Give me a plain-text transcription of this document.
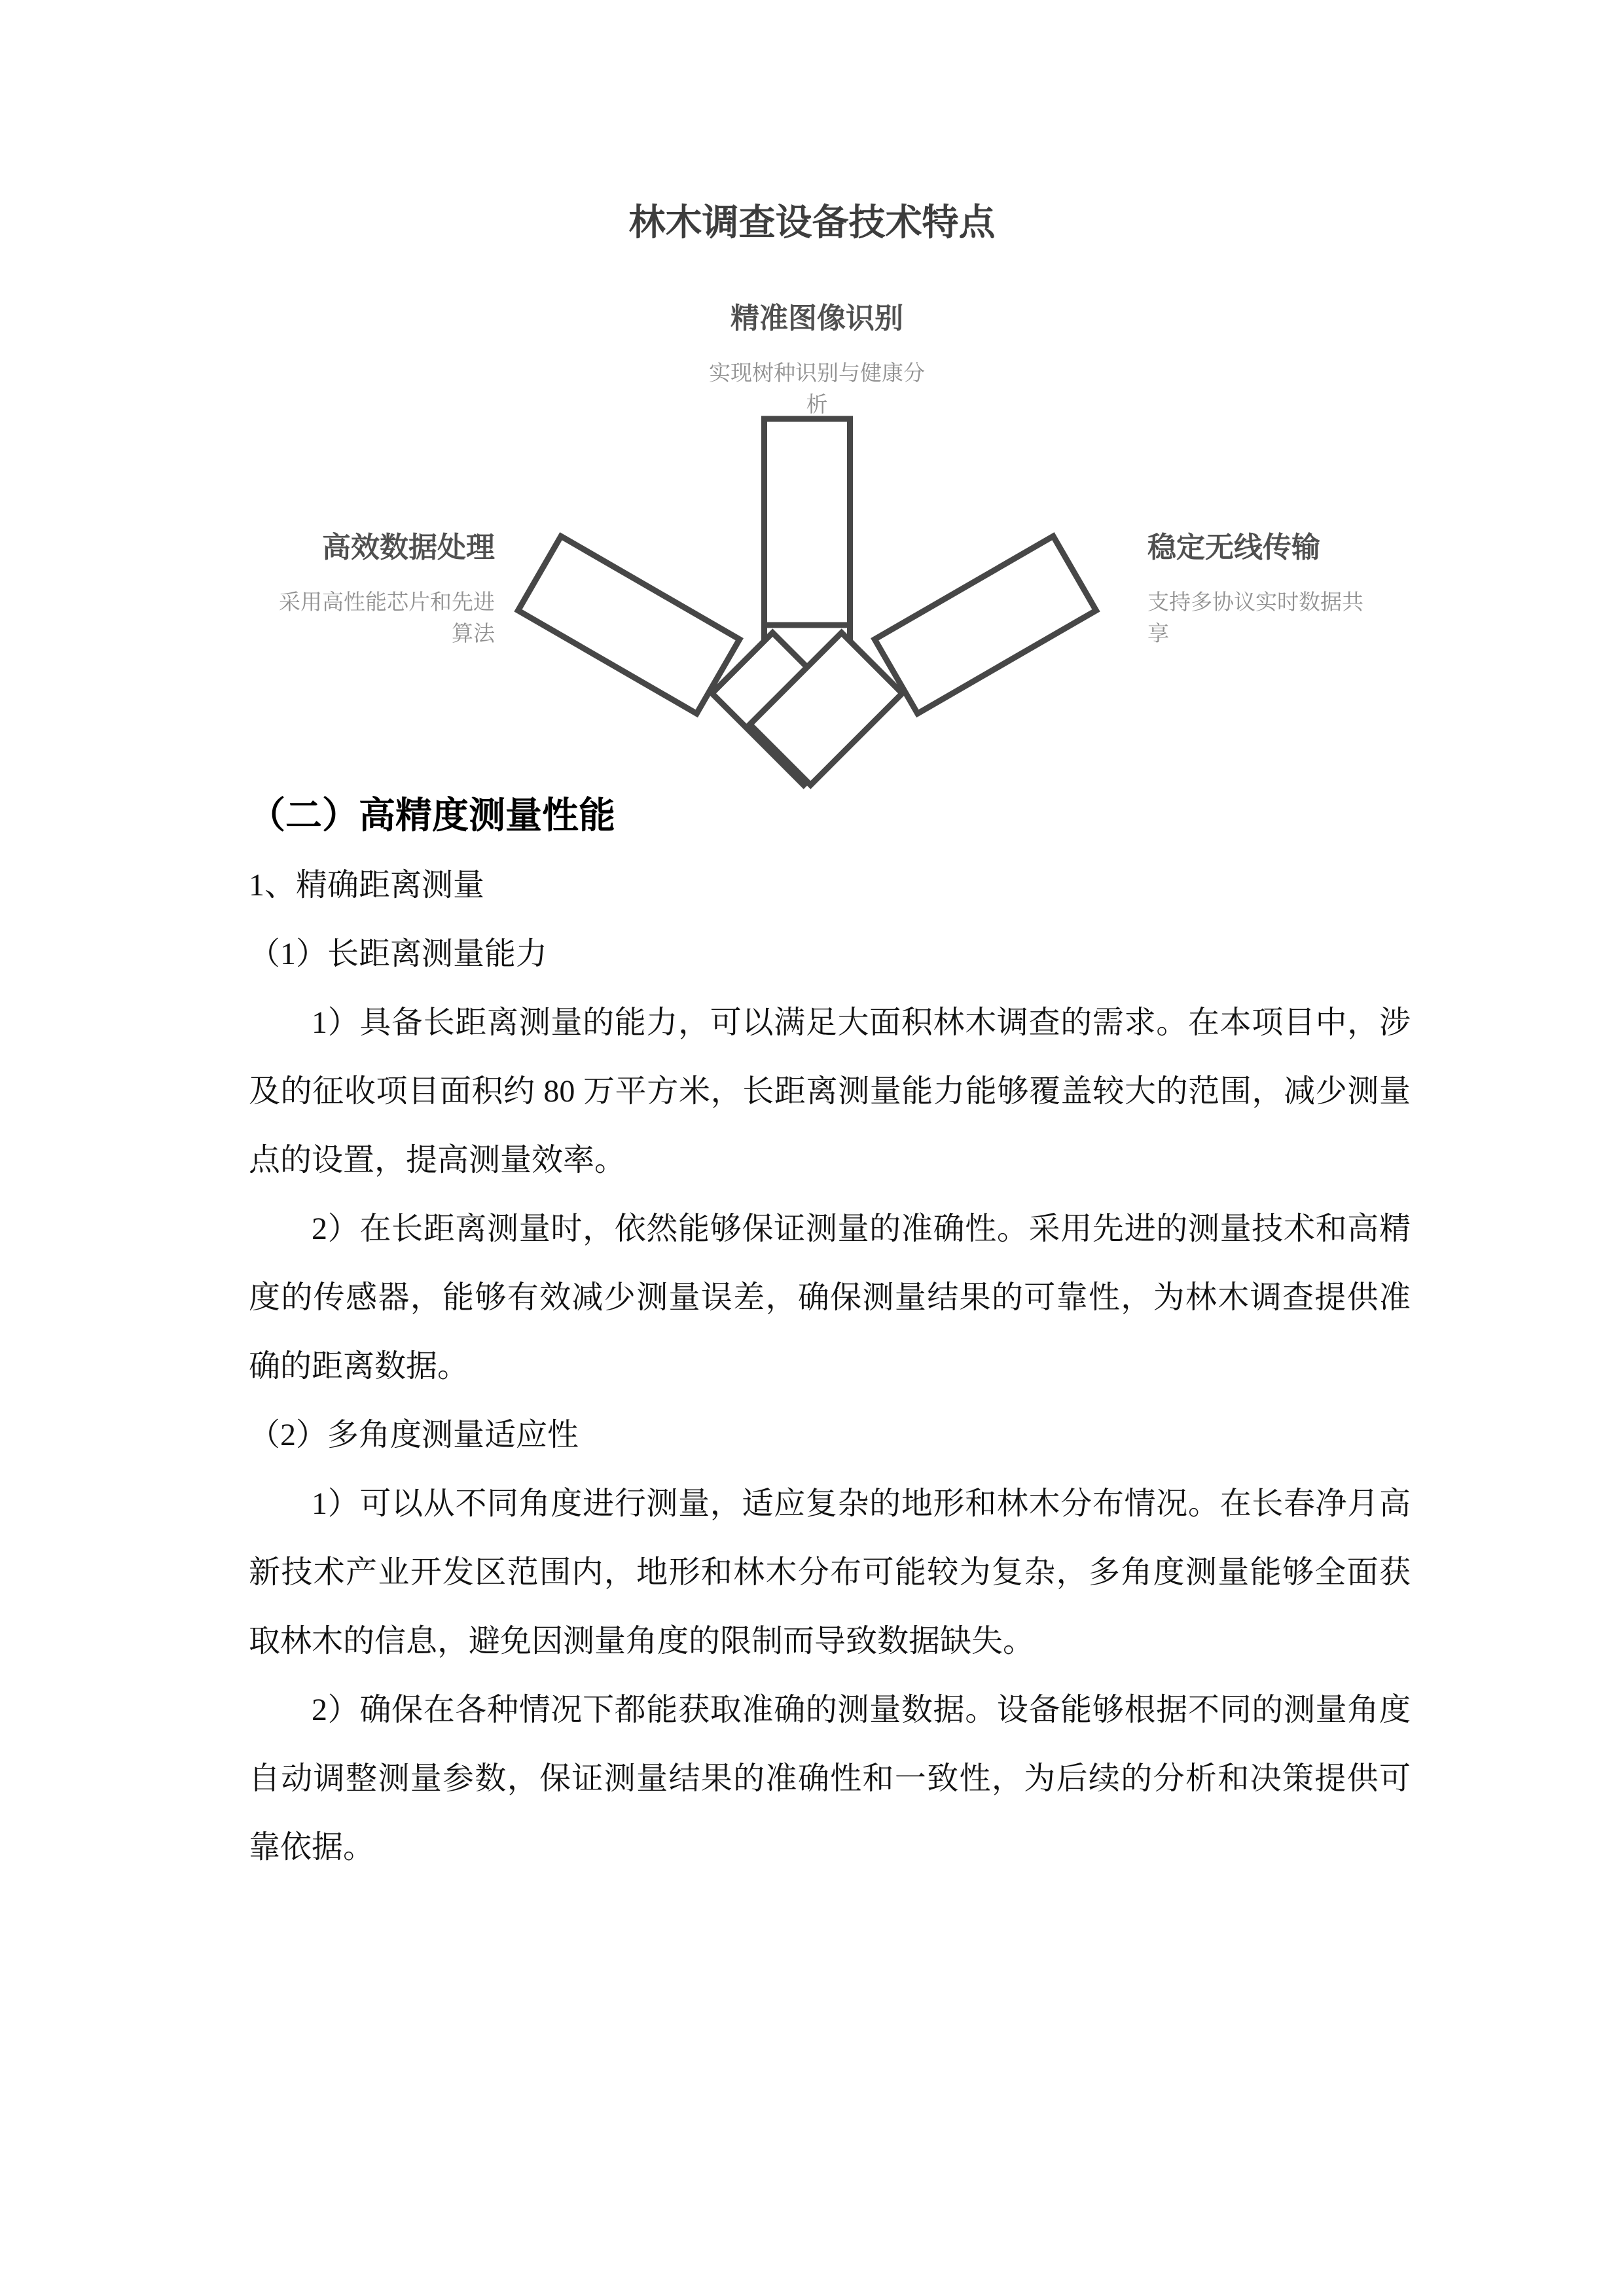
林木调查设备技术特点
精准图像识别
实现树种识别与健康分析
高效数据处理
采用高性能芯片和先进算法
稳定无线传输
支持多协议实时数据共享
（二）高精度测量性能
1、精确距离测量
（1）长距离测量能力

1）具备长距离测量的能力，可以满足大面积林木调查的需求。在本项目中，涉及的征收项目面积约 80 万平方米，长距离测量能力能够覆盖较大的范围，减少测量点的设置，提高测量效率。

2）在长距离测量时，依然能够保证测量的准确性。采用先进的测量技术和高精度的传感器，能够有效减少测量误差，确保测量结果的可靠性，为林木调查提供准确的距离数据。

（2）多角度测量适应性

1）可以从不同角度进行测量，适应复杂的地形和林木分布情况。在长春净月高新技术产业开发区范围内，地形和林木分布可能较为复杂，多角度测量能够全面获取林木的信息，避免因测量角度的限制而导致数据缺失。

2）确保在各种情况下都能获取准确的测量数据。设备能够根据不同的测量角度自动调整测量参数，保证测量结果的准确性和一致性，为后续的分析和决策提供可靠依据。
